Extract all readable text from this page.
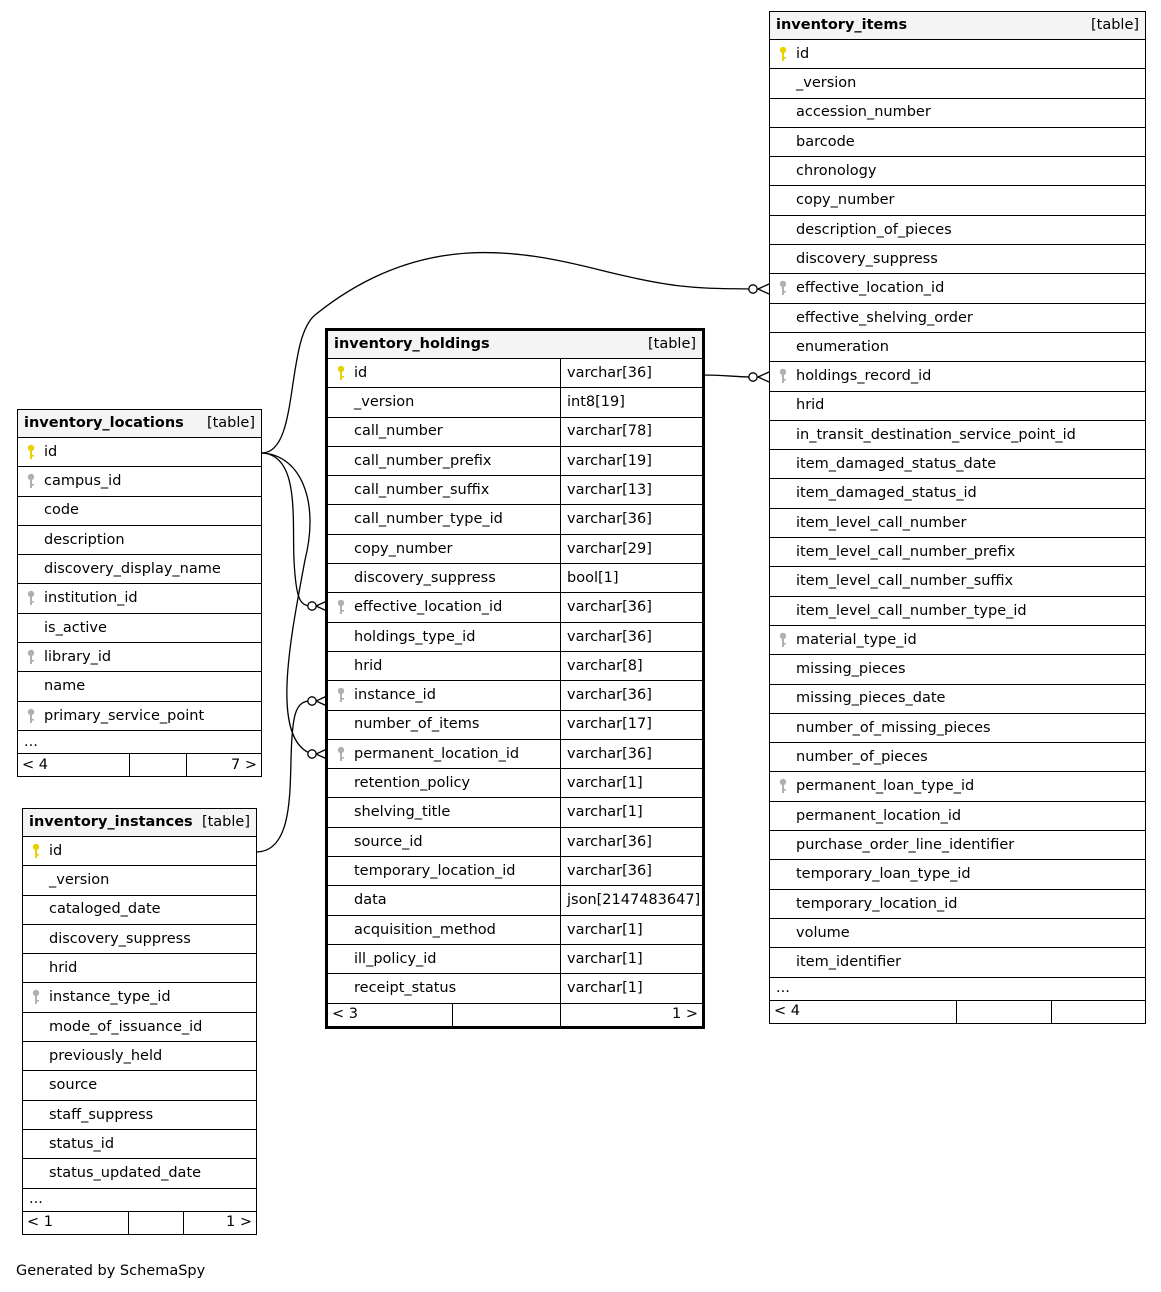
inventory_items	[table]

id
_version
accession_number
barcode
chronology
copy_number
description_of_pieces
discovery_suppress

effective_location_id
effective_shelving_order
enumeration

holdings_record_id
hrid
in_transit_destination_service_point_id
item_damaged_status_date
item_damaged_status_id
item_level_call_number
item_level_call_number_prefix
item_level_call_number_suffix
item_level_call_number_type_id

material_type_id
missing_pieces
missing_pieces_date
number_of_missing_pieces
number_of_pieces

permanent_loan_type_id
permanent_location_id
purchase_order_line_identifier
temporary_loan_type_id
temporary_location_id
volume
item_identifier
...
< 4		
inventory_holdings [table]		

id		varchar[36]
_version		int8[19]
call_number		varchar[78]
call_number_prefix		varchar[19]
call_number_suffix		varchar[13]
call_number_type_id		varchar[36]
copy_number		varchar[29]
discovery_suppress		bool[1]

effective_location_id		varchar[36]
holdings_type_id		varchar[36]
hrid		varchar[8]

instance_id		varchar[36]
number_of_items		varchar[17]

permanent_location_id		varchar[36]
retention_policy		varchar[1]
shelving_title		varchar[1]
source_id		varchar[36]
temporary_location_id		varchar[36]
data		json[2147483647]
acquisition_method		varchar[1]
ill_policy_id		varchar[1]
receipt_status		varchar[1]
< 3		1 >
inventory_locations [table]

id

campus_id
code
description
discovery_display_name

institution_id
is_active

library_id
name

primary_service_point
...
< 4		7 >
inventory_instances [table]

id
_version
cataloged_date
discovery_suppress
hrid

instance_type_id
mode_of_issuance_id
previously_held
source
staff_suppress
status_id
status_updated_date
...
< 1		1 >
Generated by SchemaSpy
